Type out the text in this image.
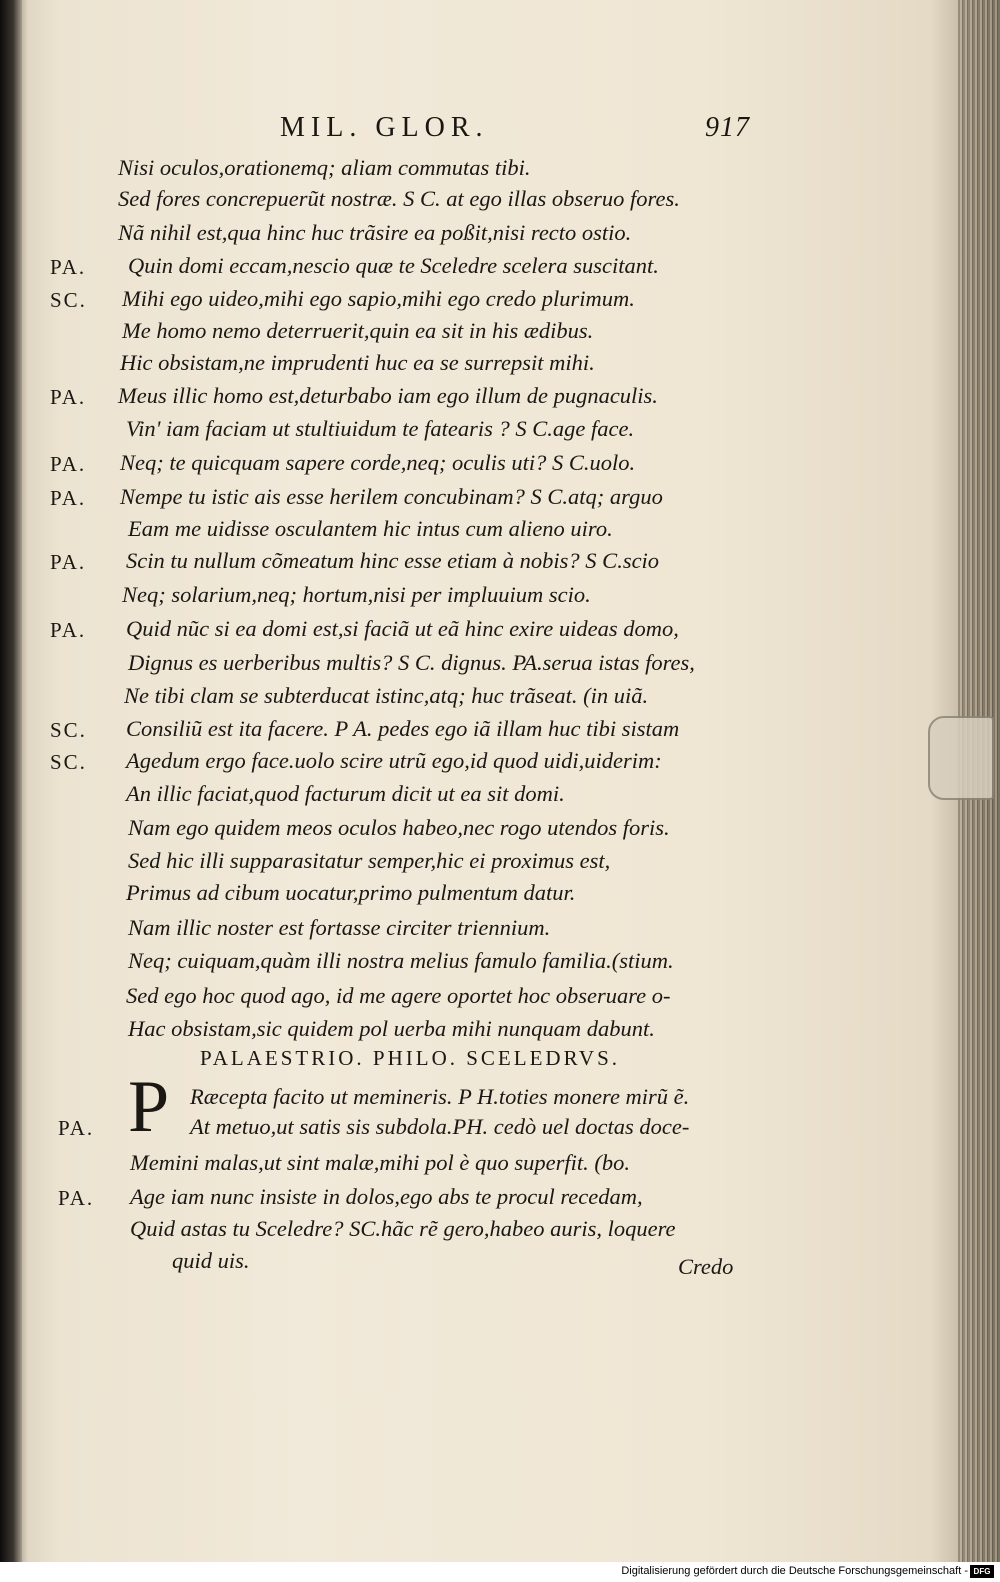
MIL. GLOR.	917
Nisi oculos,orationemq; aliam commutas tibi.
Sed fores concrepuerũt nostræ. S C. at ego illas obseruo fores.
Nã nihil est,qua hinc huc trãsire ea poßit,nisi recto ostio.
PA. Quin domi eccam,nescio quæ te Sceledre scelera suscitant.
SC. Mihi ego uideo,mihi ego sapio,mihi ego credo plurimum.
Me homo nemo deterruerit,quin ea sit in his ædibus.
Hic obsistam,ne imprudenti huc ea se surrepsit mihi.
PA. Meus illic homo est,deturbabo iam ego illum de pugnaculis.
Vin' iam faciam ut stultiuidum te fatearis ? S C.age face.
PA. Neq; te quicquam sapere corde,neq; oculis uti? S C.uolo.
PA. Nempe tu istic ais esse herilem concubinam? S C.atq; arguo
Eam me uidisse osculantem hic intus cum alieno uiro.
PA. Scin tu nullum cõmeatum hinc esse etiam à nobis? S C.scio
Neq; solarium,neq; hortum,nisi per impluuium scio.
PA. Quid nũc si ea domi est,si faciã ut eã hinc exire uideas domo,
Dignus es uerberibus multis? S C. dignus. PA.serua istas fores,
Ne tibi clam se subterducat istinc,atq; huc trãseat. (in uiã.
SC. Consiliũ est ita facere. P A. pedes ego iã illam huc tibi sistam
SC. Agedum ergo face.uolo scire utrũ ego,id quod uidi,uiderim:
An illic faciat,quod facturum dicit ut ea sit domi.
Nam ego quidem meos oculos habeo,nec rogo utendos foris.
Sed hic illi supparasitatur semper,hic ei proximus est,
Primus ad cibum uocatur,primo pulmentum datur.
Nam illic noster est fortasse circiter triennium.
Neq; cuiquam,quàm illi nostra melius famulo familia.(stium.
Sed ego hoc quod ago, id me agere oportet hoc obseruare o-
Hac obsistam,sic quidem pol uerba mihi nunquam dabunt.
PALAESTRIO. PHILO. SCELEDRVS.
P Ræcepta facito ut memineris. P H.toties monere mirũ ẽ.
PA.	At metuo,ut satis sis subdola.PH. cedò uel doctas doce-
Memini malas,ut sint malæ,mihi pol è quo superfit. (bo.
PA. Age iam nunc insiste in dolos,ego abs te procul recedam,
Quid astas tu Sceledre? SC.hãc rẽ gero,habeo auris, loquere
quid uis.	Credo
Digitalisierung gefördert durch die Deutsche Forschungsgemeinschaft - DFG
